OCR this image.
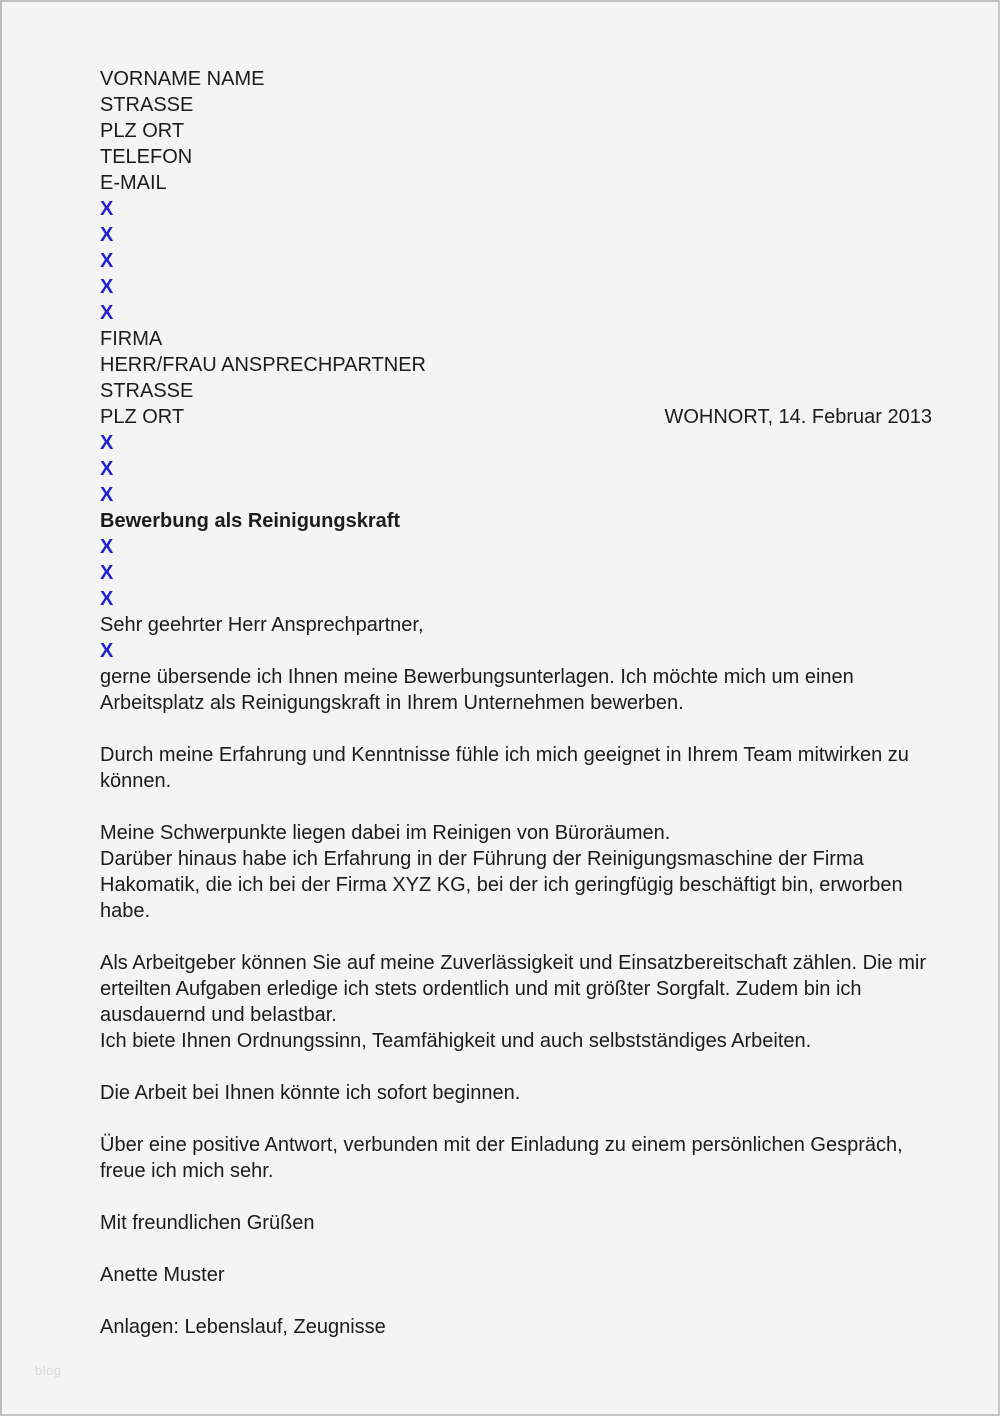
VORNAME NAME
STRASSE
PLZ ORT
TELEFON
E-MAIL
X
X
X
X
X
FIRMA
HERR/FRAU ANSPRECHPARTNER
STRASSE
PLZ ORT	WOHNORT, 14. Februar 2013
X
X
X
Bewerbung als Reinigungskraft
X
X
X
Sehr geehrter Herr Ansprechpartner,
X
gerne übersende ich Ihnen meine Bewerbungsunterlagen. Ich möchte mich um einen Arbeitsplatz als Reinigungskraft in Ihrem Unternehmen bewerben.
Durch meine Erfahrung und Kenntnisse fühle ich mich geeignet in Ihrem Team mitwirken zu können.
Meine Schwerpunkte liegen dabei im Reinigen von Büroräumen.
Darüber hinaus habe ich Erfahrung in der Führung der Reinigungsmaschine der Firma Hakomatik, die ich bei der Firma XYZ KG, bei der ich geringfügig beschäftigt bin, erworben habe.
Als Arbeitgeber können Sie auf meine Zuverlässigkeit und Einsatzbereitschaft zählen. Die mir erteilten Aufgaben erledige ich stets ordentlich und mit größter Sorgfalt. Zudem bin ich ausdauernd und belastbar.
Ich biete Ihnen Ordnungssinn, Teamfähigkeit und auch selbstständiges Arbeiten.
Die Arbeit bei Ihnen könnte ich sofort beginnen.
Über eine positive Antwort, verbunden mit der Einladung zu einem persönlichen Gespräch, freue ich mich sehr.
Mit freundlichen Grüßen
Anette Muster
Anlagen: Lebenslauf, Zeugnisse
blog
